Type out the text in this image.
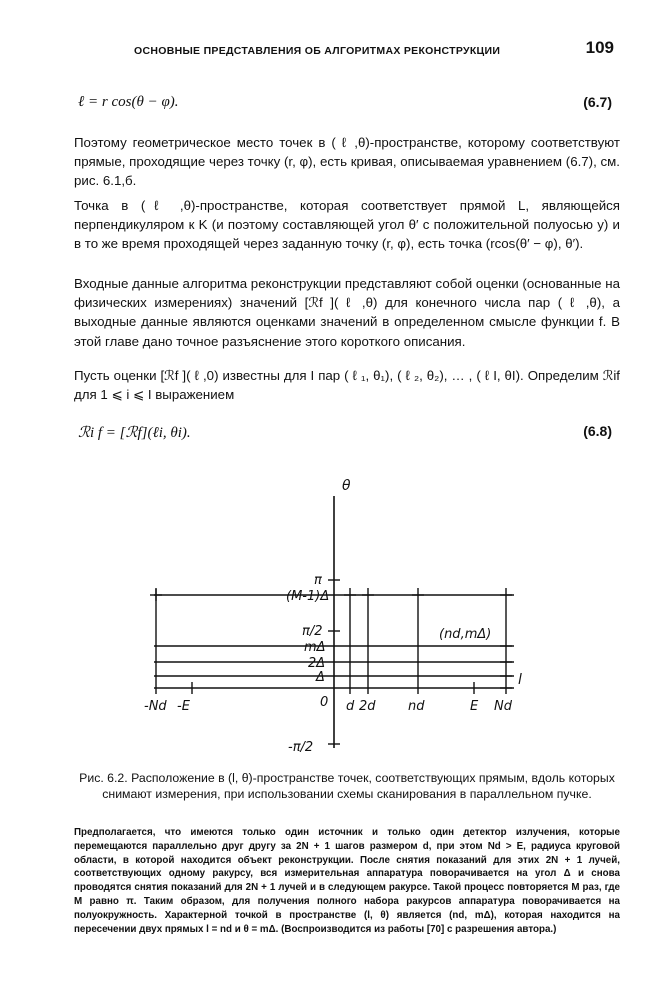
ОСНОВНЫЕ ПРЕДСТАВЛЕНИЯ ОБ АЛГОРИТМАХ РЕКОНСТРУКЦИИ	109
ℓ = r cos(θ − φ).	(6.7)
Поэтому геометрическое место точек в ( ℓ ,θ)-пространстве, которому соответствуют прямые, проходящие через точку (r, φ), есть кривая, описываемая уравнением (6.7), см. рис. 6.1,б.
Точка в (ℓ ,θ)-пространстве, которая соответствует прямой L, являющейся перпендикуляром к K (и поэтому составляющей угол θ′ с положительной полуосью y) и в то же время проходящей через заданную точку (r, φ), есть точка (rcos(θ′ − φ), θ′).
Входные данные алгоритма реконструкции представляют собой оценки (основанные на физических измерениях) значений [ℛf ]( ℓ ,θ) для конечного числа пар ( ℓ ,θ), а выходные данные являются оценками значений в определенном смысле функции f. В этой главе дано точное разъяснение этого короткого описания.
Пусть оценки [ℛf ]( ℓ ,0) известны для I пар ( ℓ ₁, θ₁), ( ℓ ₂, θ₂), … , ( ℓ I, θI). Определим ℛif для 1 ⩽ i ⩽ I выражением
ℛi f = [ℛf](ℓi, θi).	(6.8)
θ
l
π
(M-1)Δ
π/2
mΔ
2Δ
Δ
-π/2
-Nd -E	0 d 2d nd	E Nd
(nd,mΔ)
Рис. 6.2. Расположение в (l, θ)-пространстве точек, соответствующих прямым, вдоль которых снимают измерения, при использовании схемы сканирования в параллельном пучке.
Предполагается, что имеются только один источник и только один детектор излучения, которые перемещаются параллельно друг другу за 2N + 1 шагов размером d, при этом Nd > E, радиуса круговой области, в которой находится объект реконструкции. После снятия показаний для этих 2N + 1 лучей, соответствующих одному ракурсу, вся измерительная аппаратура поворачивается на угол Δ и снова проводятся снятия показаний для 2N + 1 лучей и в следующем ракурсе. Такой процесс повторяется M раз, где M равно π. Таким образом, для получения полного набора ракурсов аппаратура поворачивается на полуокружность. Характерной точкой в пространстве (l, θ) является (nd, mΔ), которая находится на пересечении двух прямых l = nd и θ = mΔ. (Воспроизводится из работы [70] с разрешения автора.)
